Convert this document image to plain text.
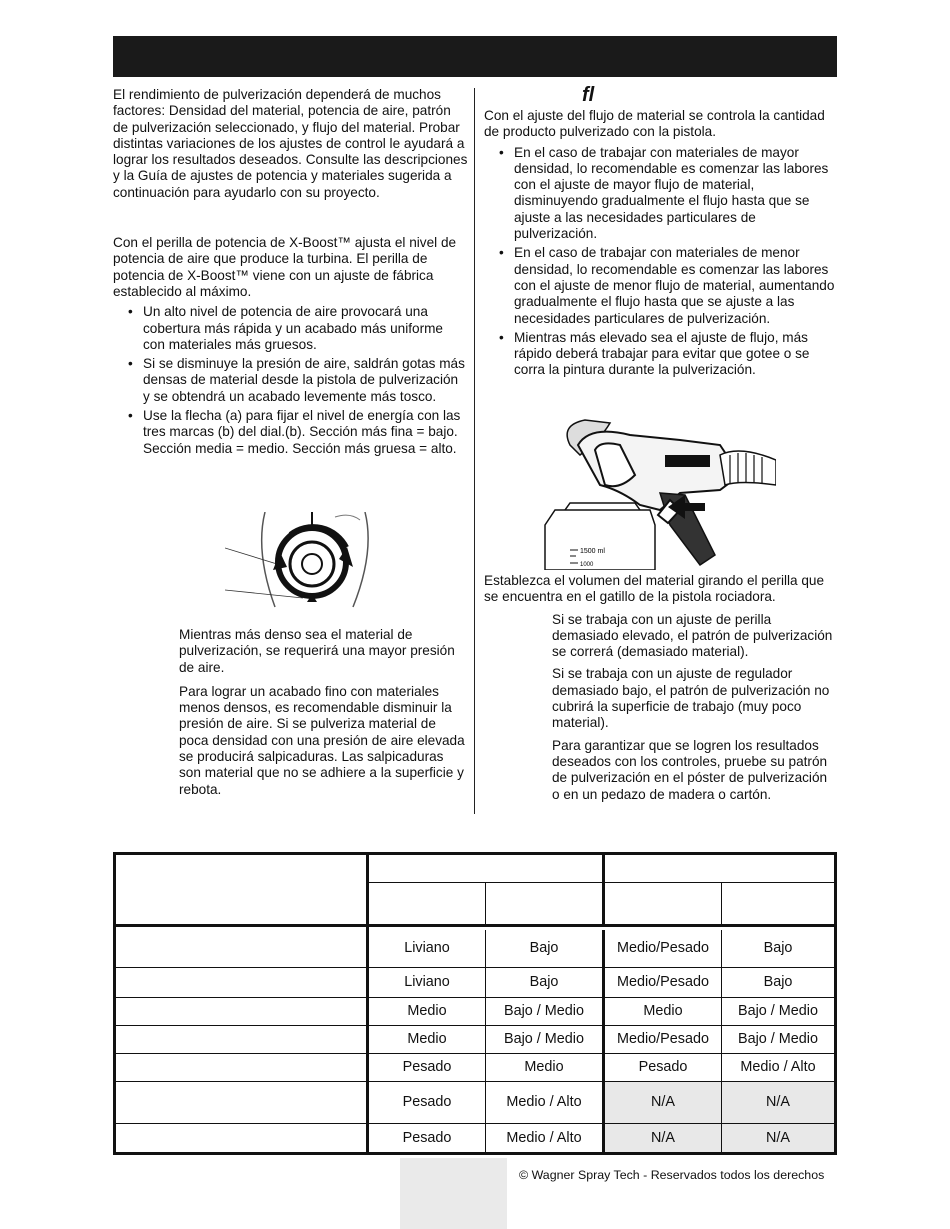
El rendimiento de pulverización dependerá de muchos factores: Densidad del material, potencia de aire, patrón de pulverización seleccionado, y flujo del material. Probar distintas variaciones de los ajustes de control le ayudará a lograr los resultados deseados. Consulte las descripciones y la Guía de ajustes de potencia y materiales sugerida a continuación para ayudarlo con su proyecto.

Con el perilla de potencia de X-Boost™ ajusta el nivel de potencia de aire que produce la turbina. El perilla de potencia de X-Boost™ viene con un ajuste de fábrica establecido al máximo.

• Un alto nivel de potencia de aire provocará una cobertura más rápida y un acabado más uniforme con materiales más gruesos.
• Si se disminuye la presión de aire, saldrán gotas más densas de material desde la pistola de pulverización y se obtendrá un acabado levemente más tosco.
• Use la flecha (a) para fijar el nivel de energía con las tres marcas (b) del dial.(b). Sección más fina = bajo. Sección media = medio. Sección más gruesa = alto.

Mientras más denso sea el material de pulverización, se requerirá una mayor presión de aire.

Para lograr un acabado fino con materiales menos densos, es recomendable disminuir la presión de aire. Si se pulveriza material de poca densidad con una presión de aire elevada se producirá salpicaduras. Las salpicaduras son material que no se adhiere a la superficie y rebota.

fl

Con el ajuste del flujo de material se controla la cantidad de producto pulverizado con la pistola.

• En el caso de trabajar con materiales de mayor densidad, lo recomendable es comenzar las labores con el ajuste de mayor flujo de material, disminuyendo gradualmente el flujo hasta que se ajuste a las necesidades particulares de pulverización.
• En el caso de trabajar con materiales de menor densidad, lo recomendable es comenzar las labores con el ajuste de menor flujo de material, aumentando gradualmente el flujo hasta que se ajuste a las necesidades particulares de pulverización.
• Mientras más elevado sea el ajuste de flujo, más rápido deberá trabajar para evitar que gotee o se corra la pintura durante la pulverización.
1500 ml
1000

Establezca el volumen del material girando el perilla que se encuentra en el gatillo de la pistola rociadora.

Si se trabaja con un ajuste de perilla demasiado elevado, el patrón de pulverización se correrá (demasiado material).

Si se trabaja con un ajuste de regulador demasiado bajo, el patrón de pulverización no cubrirá la superficie de trabajo (muy poco material).

Para garantizar que se logren los resultados deseados con los controles, pruebe su patrón de pulverización en el póster de pulverización o en un pedazo de madera o cartón.

	Liviano	Bajo	Medio/Pesado	Bajo
	Liviano	Bajo	Medio/Pesado	Bajo
	Medio	Bajo / Medio	Medio	Bajo / Medio
	Medio	Bajo / Medio	Medio/Pesado	Bajo / Medio
	Pesado	Medio	Pesado	Medio / Alto
	Pesado	Medio / Alto	N/A	N/A
	Pesado	Medio / Alto	N/A	N/A
© Wagner Spray Tech - Reservados todos los derechos
